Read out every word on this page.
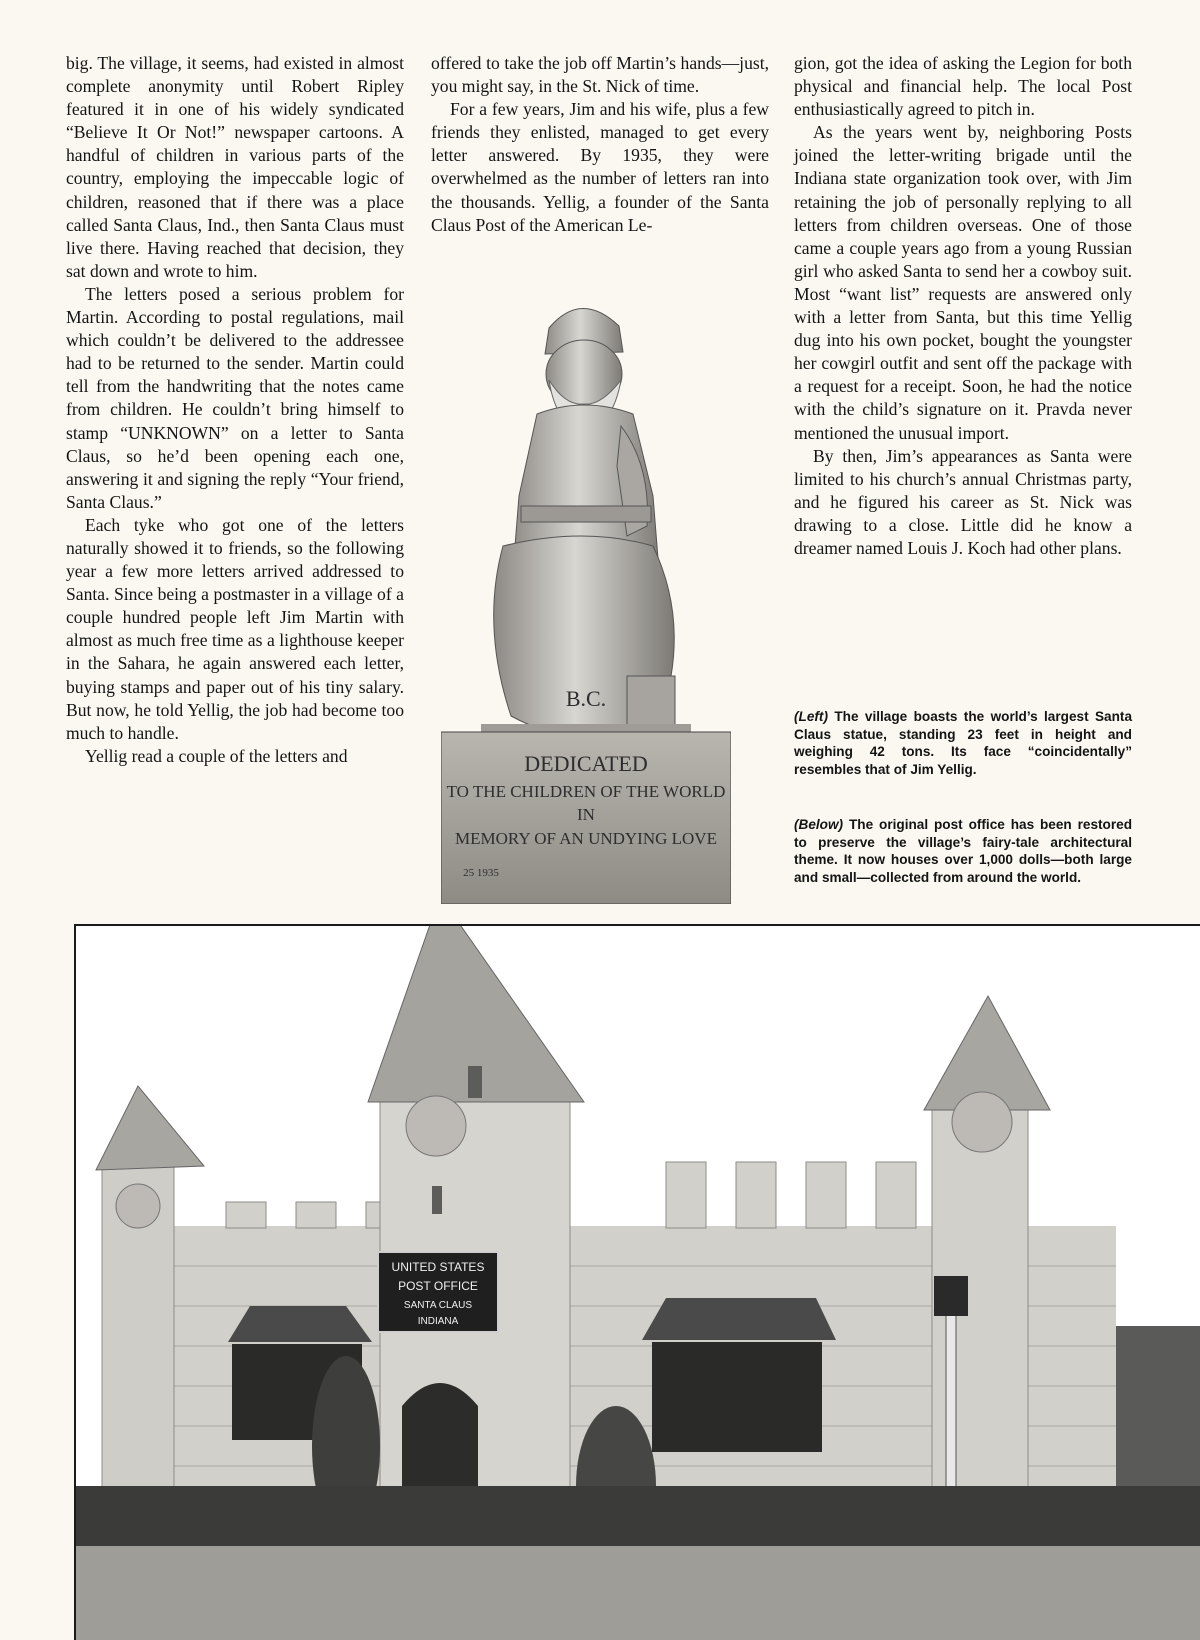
big. The village, it seems, had existed in almost complete anonymity until Robert Ripley featured it in one of his widely syndicated “Believe It Or Not!” newspaper cartoons. A handful of children in various parts of the country, employing the impeccable logic of children, reasoned that if there was a place called Santa Claus, Ind., then Santa Claus must live there. Having reached that decision, they sat down and wrote to him.

The letters posed a serious problem for Martin. According to postal regulations, mail which couldn’t be delivered to the addressee had to be returned to the sender. Martin could tell from the handwriting that the notes came from children. He couldn’t bring himself to stamp “UNKNOWN” on a letter to Santa Claus, so he’d been opening each one, answering it and signing the reply “Your friend, Santa Claus.”

Each tyke who got one of the letters naturally showed it to friends, so the following year a few more letters arrived addressed to Santa. Since being a postmaster in a village of a couple hundred people left Jim Martin with almost as much free time as a lighthouse keeper in the Sahara, he again answered each letter, buying stamps and paper out of his tiny salary. But now, he told Yellig, the job had become too much to handle.

Yellig read a couple of the letters and

offered to take the job off Martin’s hands—just, you might say, in the St. Nick of time.

For a few years, Jim and his wife, plus a few friends they enlisted, managed to get every letter answered. By 1935, they were overwhelmed as the number of letters ran into the thousands. Yellig, a founder of the Santa Claus Post of the American Le-

gion, got the idea of asking the Legion for both physical and financial help. The local Post enthusiastically agreed to pitch in.

As the years went by, neighboring Posts joined the letter-writing brigade until the Indiana state organization took over, with Jim retaining the job of personally replying to all letters from children overseas. One of those came a couple years ago from a young Russian girl who asked Santa to send her a cowboy suit. Most “want list” requests are answered only with a letter from Santa, but this time Yellig dug into his own pocket, bought the youngster her cowgirl outfit and sent off the package with a request for a receipt. Soon, he had the notice with the child’s signature on it. Pravda never mentioned the unusual import.

By then, Jim’s appearances as Santa were limited to his church’s annual Christmas party, and he figured his career as St. Nick was drawing to a close. Little did he know a dreamer named Louis J. Koch had other plans.

(Left) The village boasts the world’s largest Santa Claus statue, standing 23 feet in height and weighing 42 tons. Its face “coincidentally” resembles that of Jim Yellig.

(Below) The original post office has been restored to preserve the village’s fairy-tale architectural theme. It now houses over 1,000 dolls—both large and small—collected from around the world.

DEDICATED
TO THE CHILDREN OF THE WORLD
IN
MEMORY OF AN UNDYING LOVE
25 1935
B.C.
UNITED STATES
POST OFFICE
SANTA CLAUS
INDIANA
